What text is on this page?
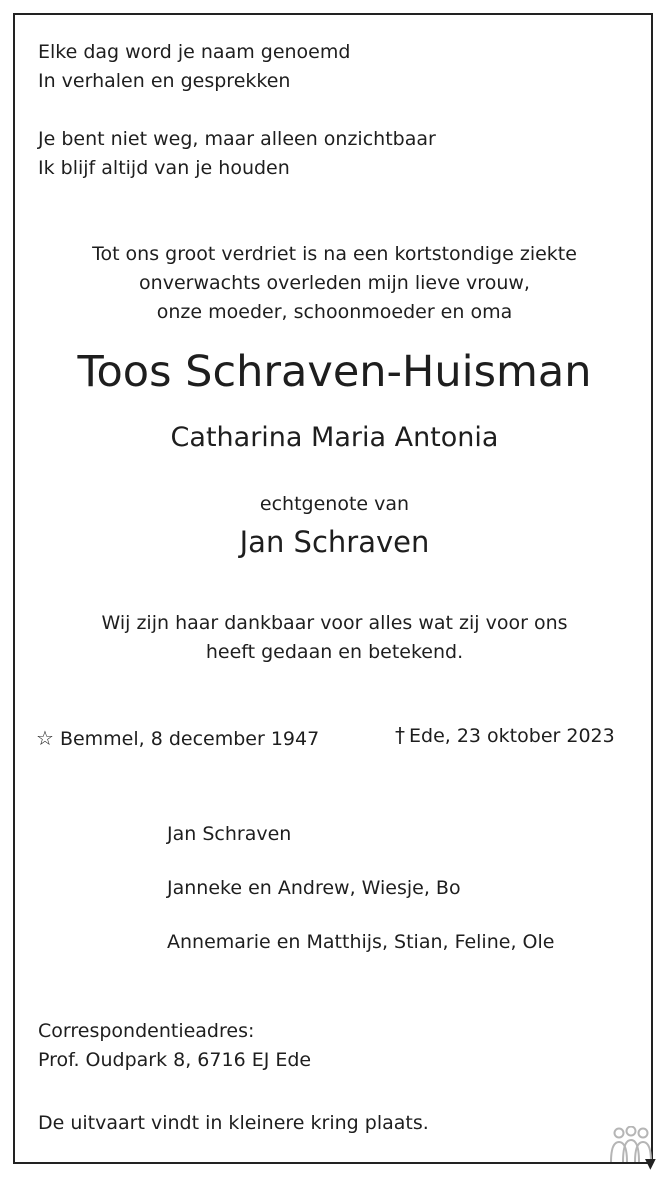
Elke dag word je naam genoemd
In verhalen en gesprekken
Je bent niet weg, maar alleen onzichtbaar
Ik blijf altijd van je houden
Tot ons groot verdriet is na een kortstondige ziekte
onverwachts overleden mijn lieve vrouw,
onze moeder, schoonmoeder en oma
Toos Schraven-Huisman
Catharina Maria Antonia
echtgenote van
Jan Schraven
Wij zijn haar dankbaar voor alles wat zij voor ons
heeft gedaan en betekend.
☆ Bemmel, 8 december 1947	† Ede, 23 oktober 2023
Jan Schraven
Janneke en Andrew, Wiesje, Bo
Annemarie en Matthijs, Stian, Feline, Ole
Correspondentieadres:
Prof. Oudpark 8, 6716 EJ Ede
De uitvaart vindt in kleinere kring plaats.
▼
